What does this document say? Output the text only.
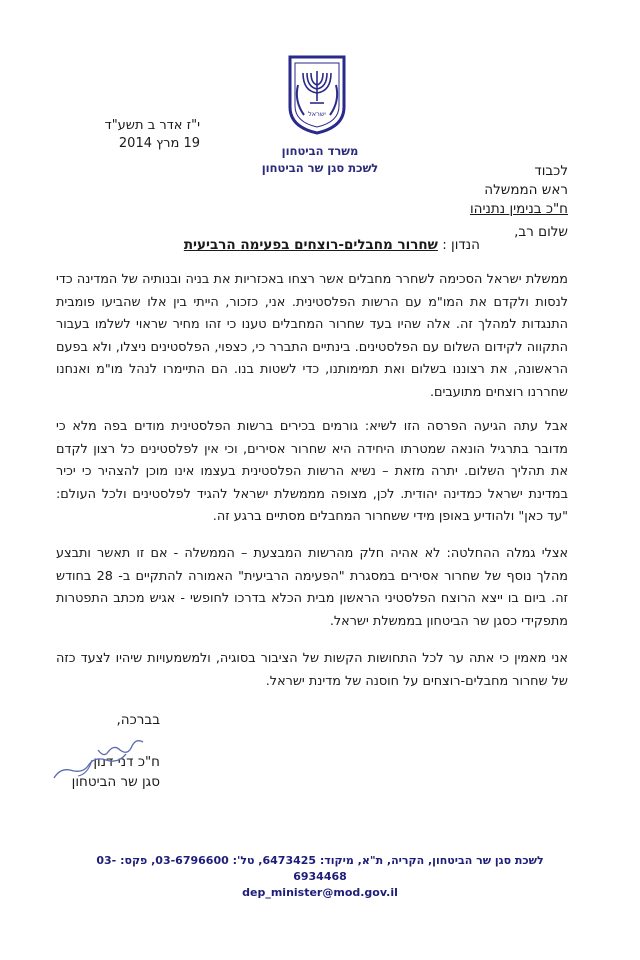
ישראל
משרד הביטחון
לשכת סגן שר הביטחון
י"ז אדר ב תשע"ד
19 מרץ 2014
לכבוד
ראש הממשלה
ח"כ בנימין נתניהו
שלום רב,
הנדון : שחרור מחבלים-רוצחים בפעימה הרביעית
ממשלת ישראל הסכימה לשחרר מחבלים אשר רצחו באכזריות את בניה ובנותיה של המדינה כדי לנסות ולקדם את המו"מ עם הרשות הפלסטינית. אני, כזכור, הייתי בין אלו שהביעו פומבית התנגדות למהלך זה. אלה שהיו בעד שחרור המחבלים טענו כי זהו מחיר שראוי לשלמו בעבור התקווה לקידום השלום עם הפלסטינים. בינתיים התברר כי, כצפוי, הפלסטינים ניצלו, ולא בפעם הראשונה, את רצוננו בשלום ואת תמימותנו, כדי לשטות בנו. הם התיימרו לנהל מו"מ ואנחנו שחררנו רוצחים מתועבים.
אבל עתה הגיעה הפרסה הזו לשיא: גורמים בכירים ברשות הפלסטינית מודים בפה מלא כי מדובר בתרגיל הונאה שמטרתו היחידה היא שחרור אסירים, וכי אין לפלסטינים כל רצון לקדם את תהליך השלום. יתרה מזאת – נשיא הרשות הפלסטינית בעצמו אינו מוכן להצהיר כי יכיר במדינת ישראל כמדינה יהודית. לכן, מצופה מממשלת ישראל להגיד לפלסטינים ולכל העולם: "עד כאן" ולהודיע באופן מידי ששחרור המחבלים מסתיים ברגע זה.
אצלי גמלה ההחלטה: לא אהיה חלק מהרשות המבצעת – הממשלה - אם זו תאשר ותבצע מהלך נוסף של שחרור אסירים במסגרת "הפעימה הרביעית" האמורה להתקיים ב- 28 בחודש זה. ביום בו ייצא הרוצח הפלסטיני הראשון מבית הכלא בדרכו לחופשי - אגיש מכתב התפטרות מתפקידי כסגן שר הביטחון בממשלת ישראל.
אני מאמין כי אתה ער לכל התחושות הקשות של הציבור בסוגיה, ולמשמעויות שיהיו לצעד כזה של שחרור מחבלים-רוצחים על חוסנה של מדינת ישראל.
בברכה,
ח"כ דני דנון
סגן שר הביטחון
לשכת סגן שר הביטחון, הקריה, ת"א, מיקוד: 6473425, טל': 03-6796600, פקס: 03-6934468
dep_minister@mod.gov.il
